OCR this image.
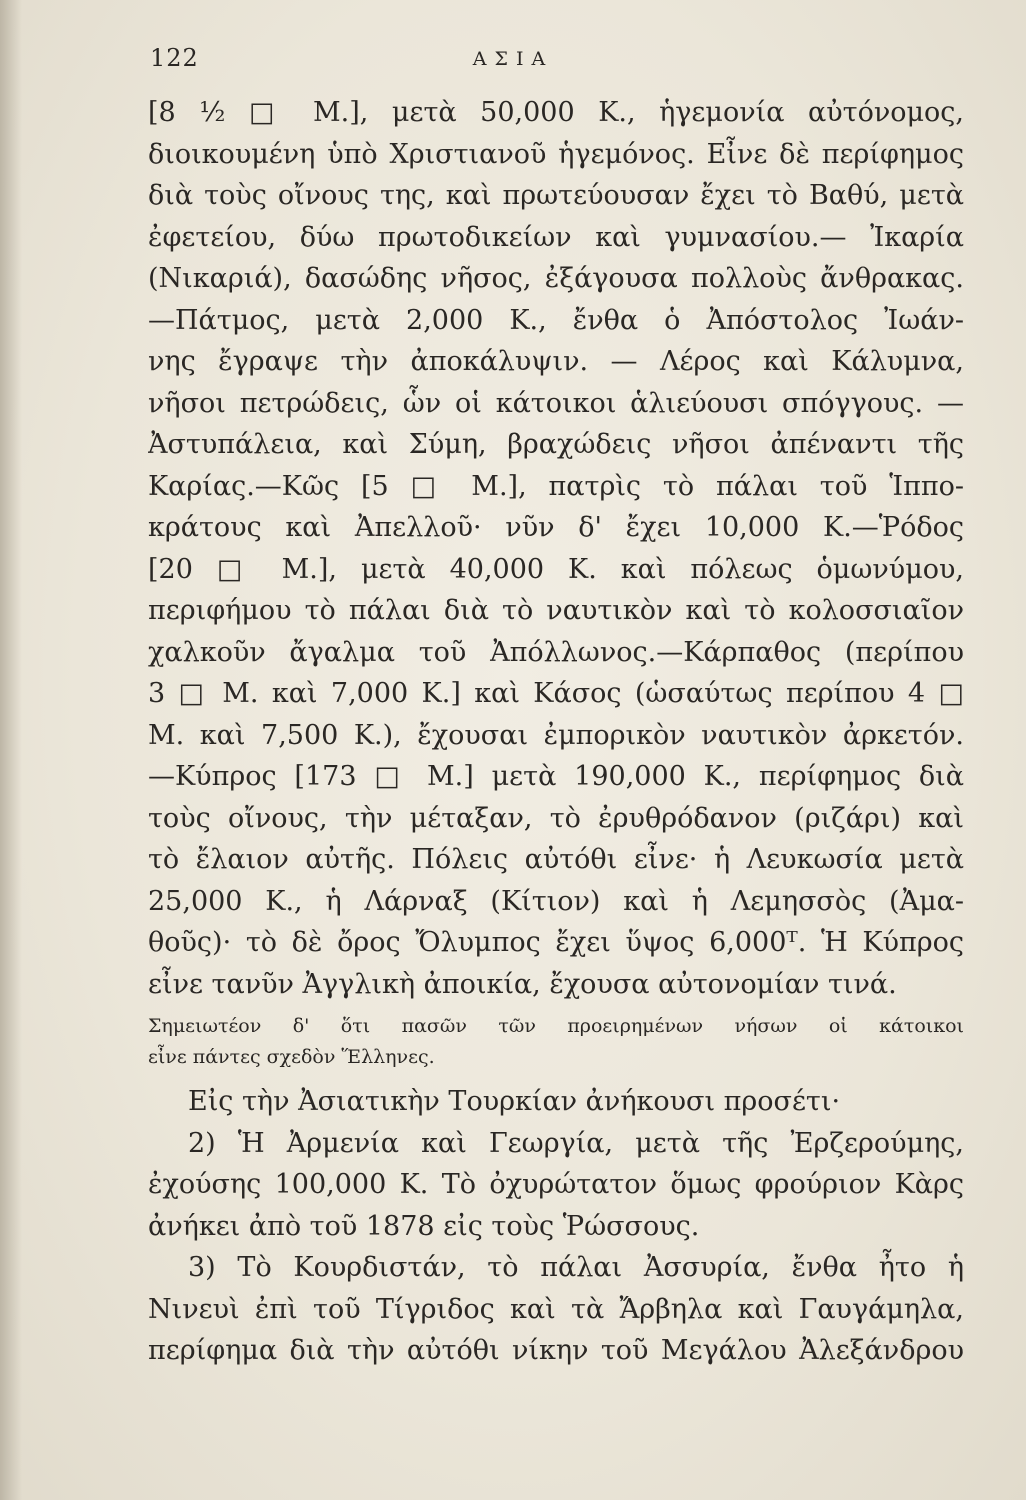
122	ΑΣΙΑ
[8 ½ □ Μ.], μετὰ 50,000 Κ., ἡγεμονία αὐτόνομος,
διοικουμένη ὑπὸ Χριστιανοῦ ἡγεμόνος. Εἶνε δὲ περίφημος
διὰ τοὺς οἴνους της, καὶ πρωτεύουσαν ἔχει τὸ Βαθύ, μετὰ
ἐφετείου, δύω πρωτοδικείων καὶ γυμνασίου.— Ἰκαρία
(Νικαριά), δασώδης νῆσος, ἐξάγουσα πολλοὺς ἄνθρακας.
—Πάτμος, μετὰ 2,000 Κ., ἔνθα ὁ Ἀπόστολος Ἰωάν-
νης ἔγραψε τὴν ἀποκάλυψιν. — Λέρος καὶ Κάλυμνα,
νῆσοι πετρώδεις, ὧν οἱ κάτοικοι ἁλιεύουσι σπόγγους. —
Ἀστυπάλεια, καὶ Σύμη, βραχώδεις νῆσοι ἀπέναντι τῆς
Καρίας.—Κῶς [5 □ Μ.], πατρὶς τὸ πάλαι τοῦ Ἱππο-
κράτους καὶ Ἀπελλοῦ· νῦν δ' ἔχει 10,000 Κ.—Ῥόδος
[20 □ Μ.], μετὰ 40,000 Κ. καὶ πόλεως ὁμωνύμου,
περιφήμου τὸ πάλαι διὰ τὸ ναυτικὸν καὶ τὸ κολοσσιαῖον
χαλκοῦν ἄγαλμα τοῦ Ἀπόλλωνος.—Κάρπαθος (περίπου
3 □ Μ. καὶ 7,000 Κ.] καὶ Κάσος (ὡσαύτως περίπου 4 □
Μ. καὶ 7,500 Κ.), ἔχουσαι ἐμπορικὸν ναυτικὸν ἀρκετόν.
—Κύπρος [173 □ Μ.] μετὰ 190,000 Κ., περίφημος διὰ
τοὺς οἴνους, τὴν μέταξαν, τὸ ἐρυθρόδανον (ριζάρι) καὶ
τὸ ἔλαιον αὐτῆς. Πόλεις αὐτόθι εἶνε· ἡ Λευκωσία μετὰ
25,000 Κ., ἡ Λάρναξ (Κίτιον) καὶ ἡ Λεμησσὸς (Ἀμα-
θοῦς)· τὸ δὲ ὄρος Ὄλυμπος ἔχει ὕψος 6,000ᵀ. Ἡ Κύπρος
εἶνε τανῦν Ἀγγλικὴ ἀποικία, ἔχουσα αὐτονομίαν τινά.
Σημειωτέον δ' ὅτι πασῶν τῶν προειρημένων νήσων οἱ κάτοικοι
εἶνε πάντες σχεδὸν Ἕλληνες.
Εἰς τὴν Ἀσιατικὴν Τουρκίαν ἀνήκουσι προσέτι·
2) Ἡ Ἀρμενία καὶ Γεωργία, μετὰ τῆς Ἐρζερούμης,
ἐχούσης 100,000 Κ. Τὸ ὀχυρώτατον ὅμως φρούριον Κὰρς
ἀνήκει ἀπὸ τοῦ 1878 εἰς τοὺς Ῥώσσους.
3) Τὸ Κουρδιστάν, τὸ πάλαι Ἀσσυρία, ἔνθα ἦτο ἡ
Νινευὶ ἐπὶ τοῦ Τίγριδος καὶ τὰ Ἄρβηλα καὶ Γαυγάμηλα,
περίφημα διὰ τὴν αὐτόθι νίκην τοῦ Μεγάλου Ἀλεξάνδρου
